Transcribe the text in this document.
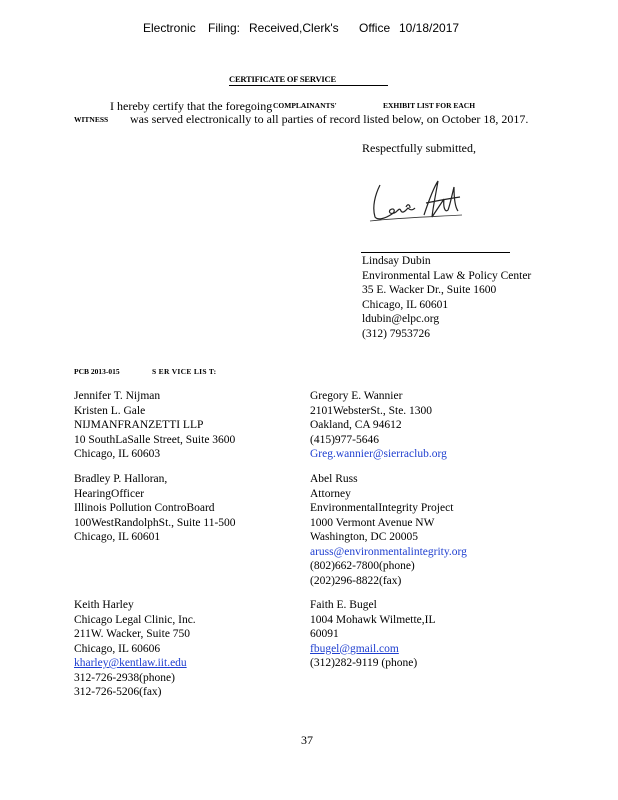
Electronic Filing: Received,Clerk's Office 10/18/2017
CERTIFICATE OF SERVICE
I hereby certify that the foregoing COMPLAINANTS'	EXHIBIT LIST FOR EACH
WITNESS was served electronically to all parties of record listed below, on October 18, 2017.
Respectfully submitted,
Lindsay Dubin
Environmental Law & Policy Center
35 E. Wacker Dr., Suite 1600
Chicago, IL 60601
ldubin@elpc.org
(312) 7953726
PCB 2013-015	S ER VICE LIS T:
Jennifer T. Nijman
Kristen L. Gale
NIJMANFRANZETTI LLP
10 SouthLaSalle Street, Suite 3600
Chicago, IL 60603
Gregory E. Wannier
2101WebsterSt., Ste. 1300
Oakland, CA 94612
(415)977-5646
Greg.wannier@sierraclub.org
Bradley P. Halloran,
HearingOfficer
Illinois Pollution ControBoard
100WestRandolphSt., Suite 11-500
Chicago, IL 60601
Abel Russ
Attorney
EnvironmentalIntegrity Project
1000 Vermont Avenue NW
Washington, DC 20005
aruss@environmentalintegrity.org
(802)662-7800(phone)
(202)296-8822(fax)
Keith Harley
Chicago Legal Clinic, Inc.
211W. Wacker, Suite 750
Chicago, IL 60606
kharley@kentlaw.iit.edu
312-726-2938(phone)
312-726-5206(fax)
Faith E. Bugel
1004 Mohawk Wilmette,IL
60091
fbugel@gmail.com
(312)282-9119 (phone)
37
